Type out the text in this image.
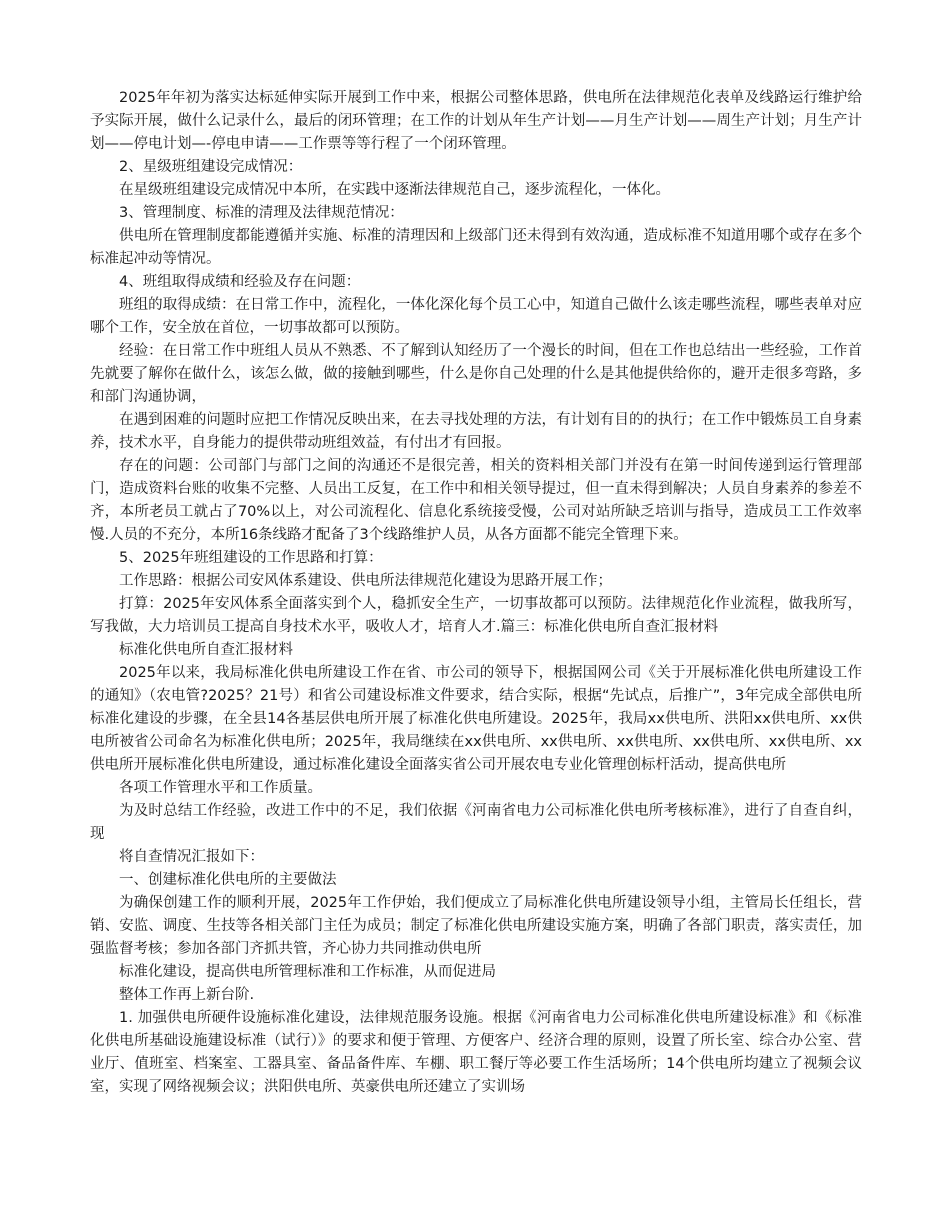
2025年年初为落实达标延伸实际开展到工作中来，根据公司整体思路，供电所在法律规范化表单及线路运行维护给予实际开展，做什么记录什么，最后的闭环管理；在工作的计划从年生产计划——月生产计划——周生产计划；月生产计划——停电计划—-停电申请——工作票等等行程了一个闭环管理。

2、星级班组建设完成情况：

在星级班组建设完成情况中本所，在实践中逐渐法律规范自己，逐步流程化，一体化。

3、管理制度、标准的清理及法律规范情况：

供电所在管理制度都能遵循并实施、标准的清理因和上级部门还未得到有效沟通，造成标准不知道用哪个或存在多个标准起冲动等情况。

4、班组取得成绩和经验及存在问题：

班组的取得成绩：在日常工作中，流程化，一体化深化每个员工心中，知道自己做什么该走哪些流程，哪些表单对应哪个工作，安全放在首位，一切事故都可以预防。

经验：在日常工作中班组人员从不熟悉、不了解到认知经历了一个漫长的时间，但在工作也总结出一些经验，工作首先就要了解你在做什么，该怎么做，做的接触到哪些，什么是你自己处理的什么是其他提供给你的，避开走很多弯路，多和部门沟通协调，

在遇到困难的问题时应把工作情况反映出来，在去寻找处理的方法，有计划有目的的执行；在工作中锻炼员工自身素养，技术水平，自身能力的提供带动班组效益，有付出才有回报。

存在的问题：公司部门与部门之间的沟通还不是很完善，相关的资料相关部门并没有在第一时间传递到运行管理部门，造成资料台账的收集不完整、人员出工反复，在工作中和相关领导提过，但一直未得到解决；人员自身素养的参差不齐，本所老员工就占了70%以上，对公司流程化、信息化系统接受慢，公司对站所缺乏培训与指导，造成员工工作效率慢.人员的不充分，本所16条线路才配备了3个线路维护人员，从各方面都不能完全管理下来。

5、2025年班组建设的工作思路和打算：

工作思路：根据公司安风体系建设、供电所法律规范化建设为思路开展工作；

打算：2025年安风体系全面落实到个人，稳抓安全生产，一切事故都可以预防。法律规范化作业流程，做我所写，写我做，大力培训员工提高自身技术水平，吸收人才，培育人才.篇三：标准化供电所自查汇报材料

标准化供电所自查汇报材料

2025年以来，我局标准化供电所建设工作在省、市公司的领导下，根据国网公司《关于开展标准化供电所建设工作的通知》（农电管?2025？21号）和省公司建设标准文件要求，结合实际，根据“先试点，后推广”，3年完成全部供电所标准化建设的步骤，在全县14各基层供电所开展了标准化供电所建设。2025年，我局xx供电所、洪阳xx供电所、xx供电所被省公司命名为标准化供电所；2025年，我局继续在xx供电所、xx供电所、xx供电所、xx供电所、xx供电所、xx供电所开展标准化供电所建设，通过标准化建设全面落实省公司开展农电专业化管理创标杆活动，提高供电所

各项工作管理水平和工作质量。

为及时总结工作经验，改进工作中的不足，我们依据《河南省电力公司标准化供电所考核标准》，进行了自查自纠，现

将自查情况汇报如下：

一、创建标准化供电所的主要做法

为确保创建工作的顺利开展，2025年工作伊始，我们便成立了局标准化供电所建设领导小组，主管局长任组长，营销、安监、调度、生技等各相关部门主任为成员；制定了标准化供电所建设实施方案，明确了各部门职责，落实责任，加强监督考核；参加各部门齐抓共管，齐心协力共同推动供电所

标准化建设，提高供电所管理标准和工作标准，从而促进局

整体工作再上新台阶.

1. 加强供电所硬件设施标准化建设，法律规范服务设施。根据《河南省电力公司标准化供电所建设标准》和《标准化供电所基础设施建设标准（试行）》的要求和便于管理、方便客户、经济合理的原则，设置了所长室、综合办公室、营业厅、值班室、档案室、工器具室、备品备件库、车棚、职工餐厅等必要工作生活场所；14个供电所均建立了视频会议室，实现了网络视频会议；洪阳供电所、英豪供电所还建立了实训场
